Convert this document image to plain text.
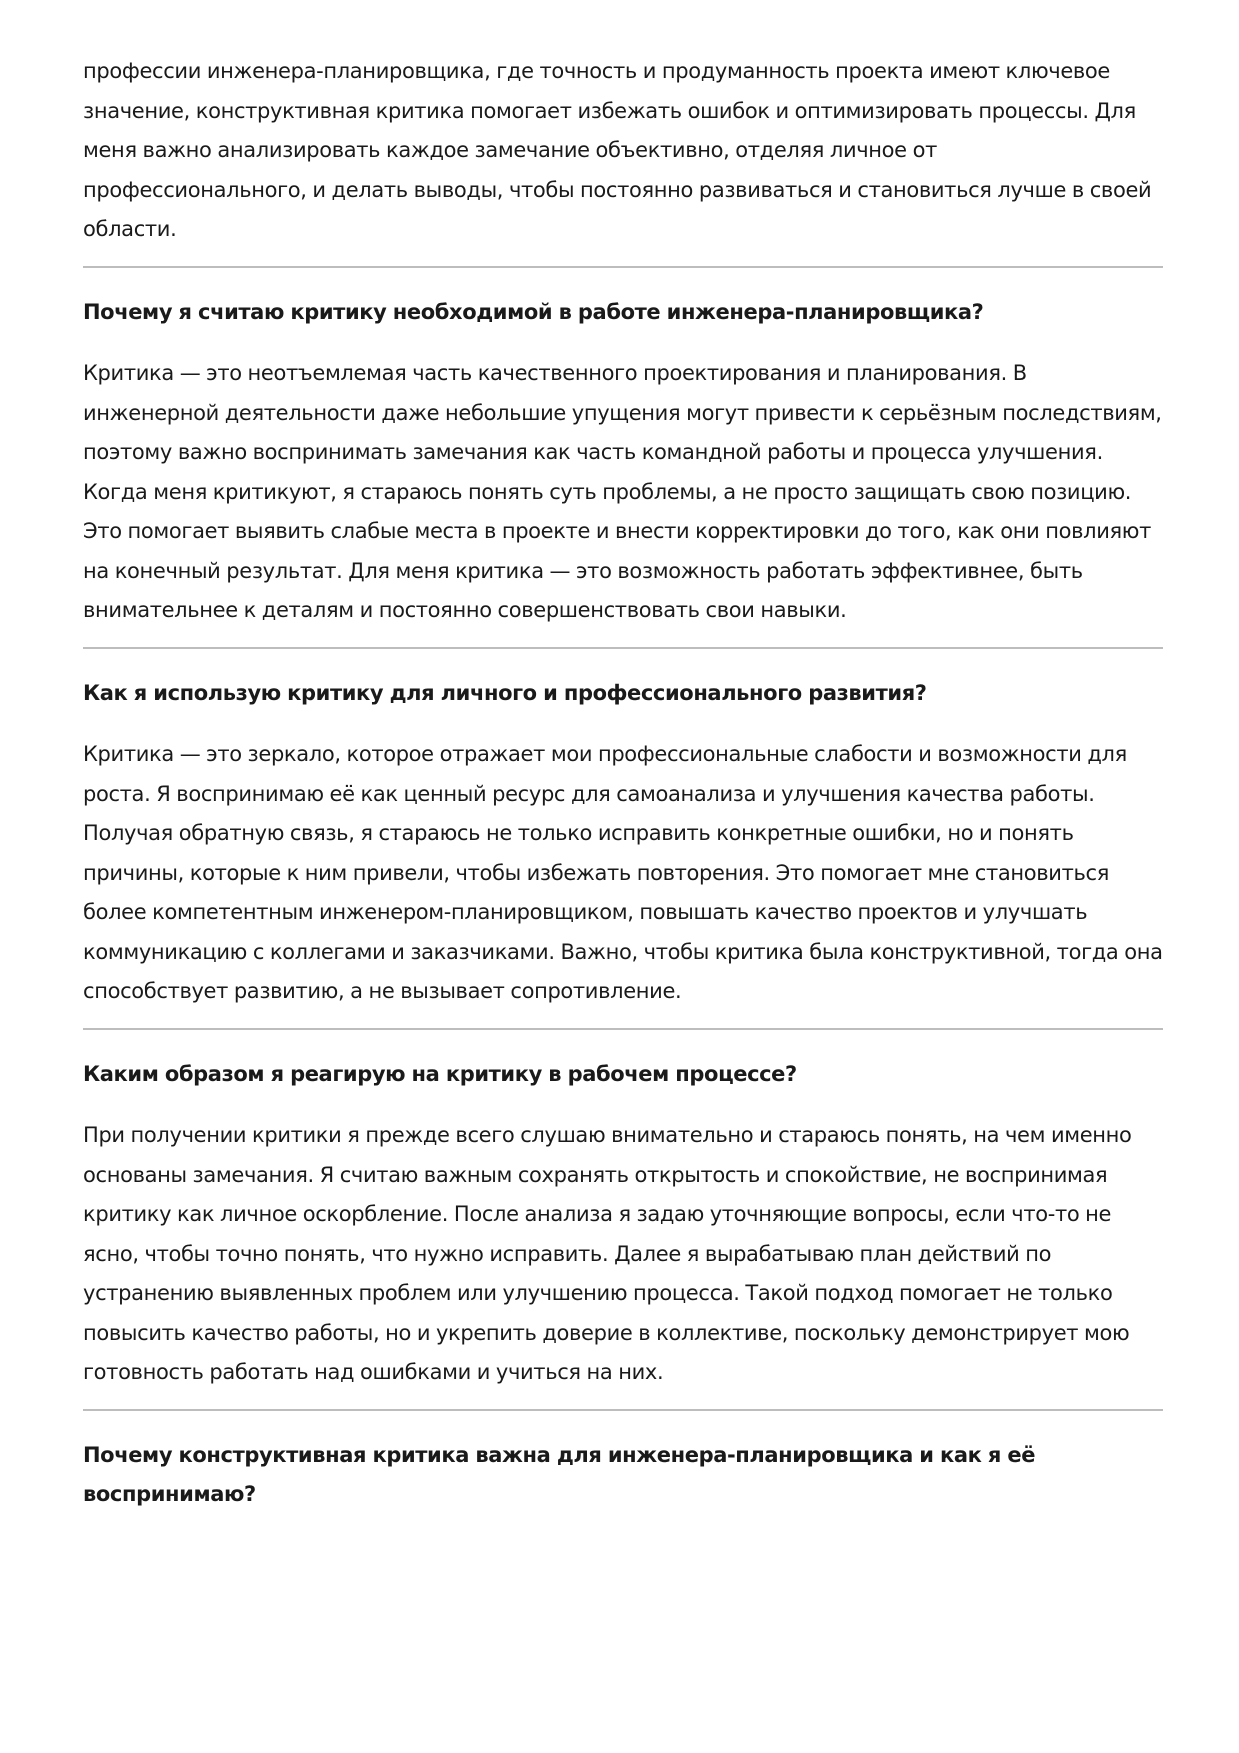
профессии инженера-планировщика, где точность и продуманность проекта имеют ключевое значение, конструктивная критика помогает избежать ошибок и оптимизировать процессы. Для меня важно анализировать каждое замечание объективно, отделяя личное от профессионального, и делать выводы, чтобы постоянно развиваться и становиться лучше в своей области.

Почему я считаю критику необходимой в работе инженера-планировщика?

Критика — это неотъемлемая часть качественного проектирования и планирования. В инженерной деятельности даже небольшие упущения могут привести к серьёзным последствиям, поэтому важно воспринимать замечания как часть командной работы и процесса улучшения. Когда меня критикуют, я стараюсь понять суть проблемы, а не просто защищать свою позицию. Это помогает выявить слабые места в проекте и внести корректировки до того, как они повлияют на конечный результат. Для меня критика — это возможность работать эффективнее, быть внимательнее к деталям и постоянно совершенствовать свои навыки.

Как я использую критику для личного и профессионального развития?

Критика — это зеркало, которое отражает мои профессиональные слабости и возможности для роста. Я воспринимаю её как ценный ресурс для самоанализа и улучшения качества работы. Получая обратную связь, я стараюсь не только исправить конкретные ошибки, но и понять причины, которые к ним привели, чтобы избежать повторения. Это помогает мне становиться более компетентным инженером-планировщиком, повышать качество проектов и улучшать коммуникацию с коллегами и заказчиками. Важно, чтобы критика была конструктивной, тогда она способствует развитию, а не вызывает сопротивление.

Каким образом я реагирую на критику в рабочем процессе?

При получении критики я прежде всего слушаю внимательно и стараюсь понять, на чем именно основаны замечания. Я считаю важным сохранять открытость и спокойствие, не воспринимая критику как личное оскорбление. После анализа я задаю уточняющие вопросы, если что-то не ясно, чтобы точно понять, что нужно исправить. Далее я вырабатываю план действий по устранению выявленных проблем или улучшению процесса. Такой подход помогает не только повысить качество работы, но и укрепить доверие в коллективе, поскольку демонстрирует мою готовность работать над ошибками и учиться на них.

Почему конструктивная критика важна для инженера-планировщика и как я её воспринимаю?
